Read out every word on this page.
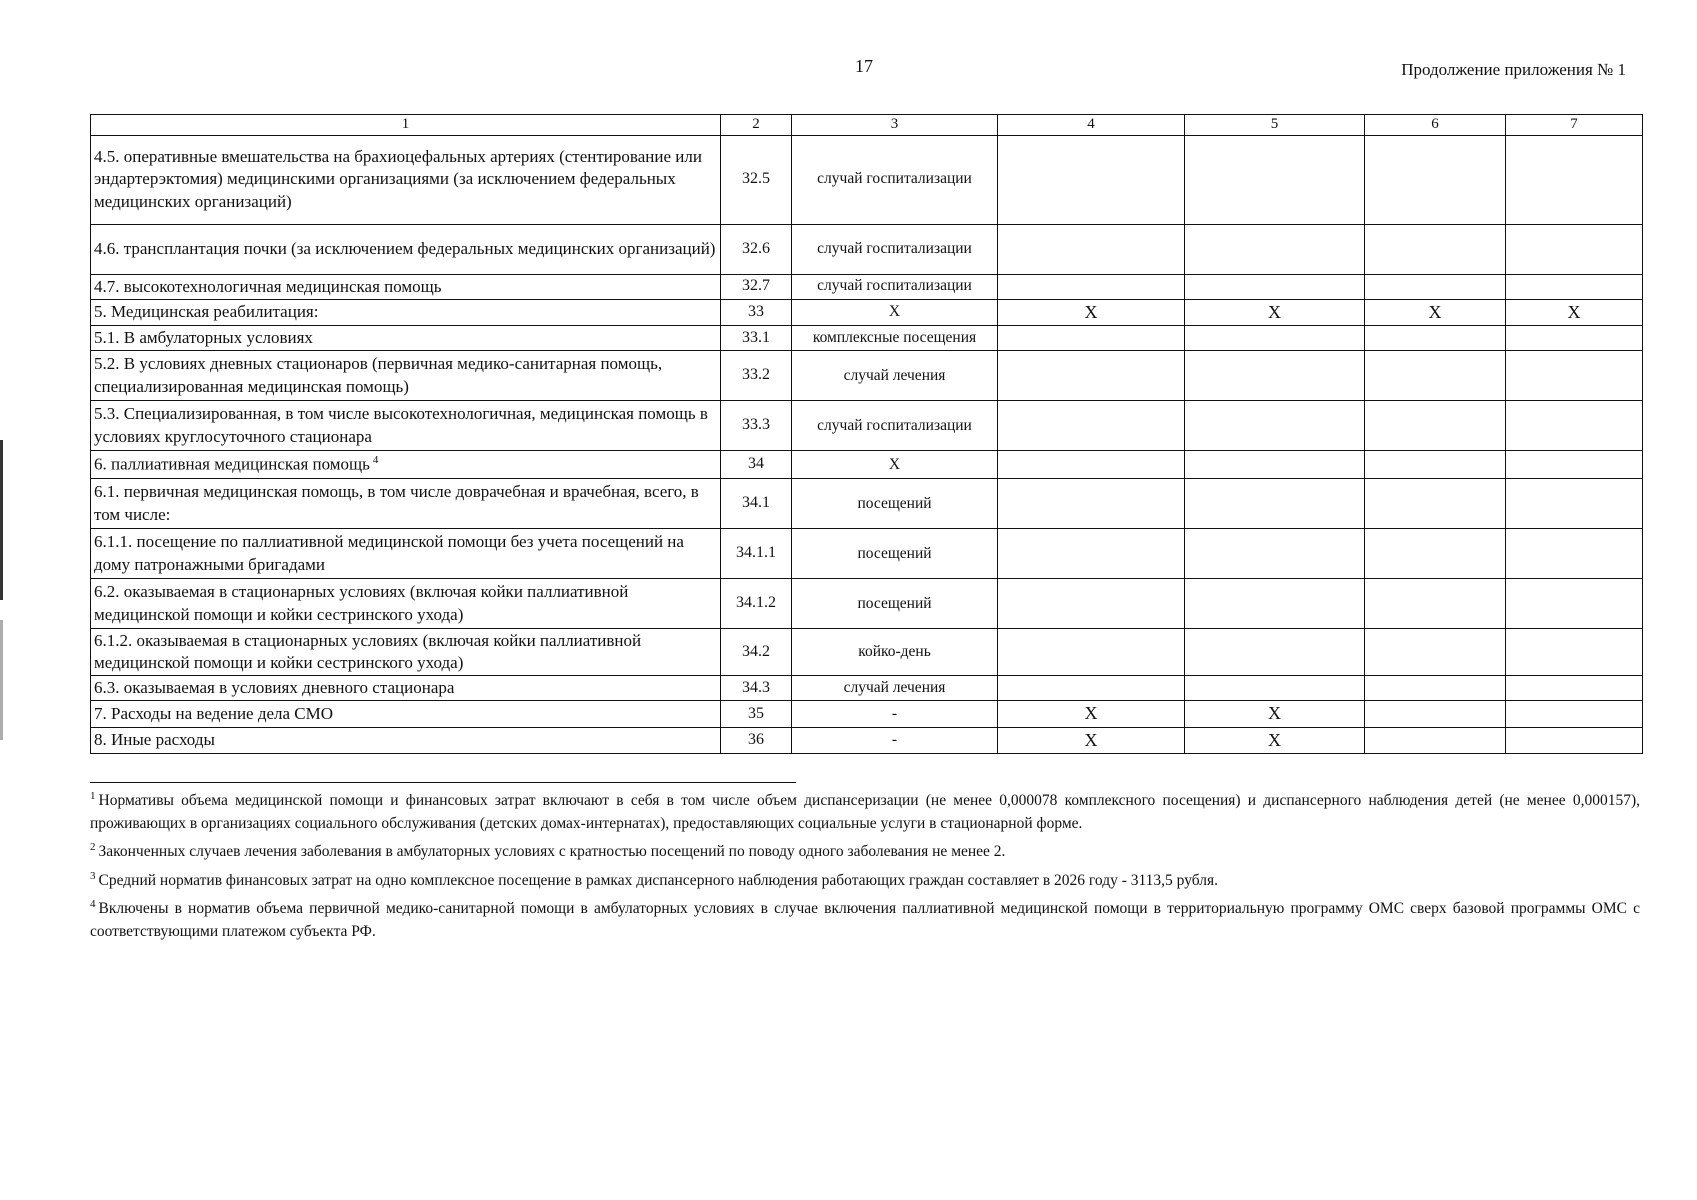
17	Продолжение приложения № 1
1	2	3	4	5	6	7
4.5. оперативные вмешательства на брахиоцефальных артериях (стентирование или эндартерэктомия) медицинскими организациями (за исключением федеральных медицинских организаций)	32.5	случай госпитализации				
4.6. трансплантация почки (за исключением федеральных медицинских организаций)	32.6	случай госпитализации				
4.7. высокотехнологичная медицинская помощь	32.7	случай госпитализации				
5. Медицинская реабилитация:	33	X	X	X	X	X
5.1. В амбулаторных условиях	33.1	комплексные посещения				
5.2. В условиях дневных стационаров (первичная медико-санитарная помощь, специализированная медицинская помощь)	33.2	случай лечения				
5.3. Специализированная, в том числе высокотехнологичная, медицинская помощь в условиях круглосуточного стационара	33.3	случай госпитализации				
6. паллиативная медицинская помощь $^4$	34	X				
6.1. первичная медицинская помощь, в том числе доврачебная и врачебная, всего, в том числе:	34.1	посещений				
6.1.1. посещение по паллиативной медицинской помощи без учета посещений на дому патронажными бригадами	34.1.1	посещений				
6.2. оказываемая в стационарных условиях (включая койки паллиативной медицинской помощи и койки сестринского ухода)	34.1.2	посещений				
6.1.2. оказываемая в стационарных условиях (включая койки паллиативной медицинской помощи и койки сестринского ухода)	34.2	койко-день				
6.3. оказываемая в условиях дневного стационара	34.3	случай лечения				
7. Расходы на ведение дела СМО	35	-	X	X		
8. Иные расходы	36	-	X	X		
$^1$ Нормативы объема медицинской помощи и финансовых затрат включают в себя в том числе объем диспансеризации (не менее 0,000078 комплексного посещения) и диспансерного наблюдения детей (не менее 0,000157), проживающих в организациях социального обслуживания (детских домах-интернатах), предоставляющих социальные услуги в стационарной форме.
$^2$ Законченных случаев лечения заболевания в амбулаторных условиях с кратностью посещений по поводу одного заболевания не менее 2.
$^3$ Средний норматив финансовых затрат на одно комплексное посещение в рамках диспансерного наблюдения работающих граждан составляет в 2026 году - 3113,5 рубля.
$^4$ Включены в норматив объема первичной медико-санитарной помощи в амбулаторных условиях в случае включения паллиативной медицинской помощи в территориальную программу ОМС сверх базовой программы ОМС с соответствующими платежом субъекта РФ.
